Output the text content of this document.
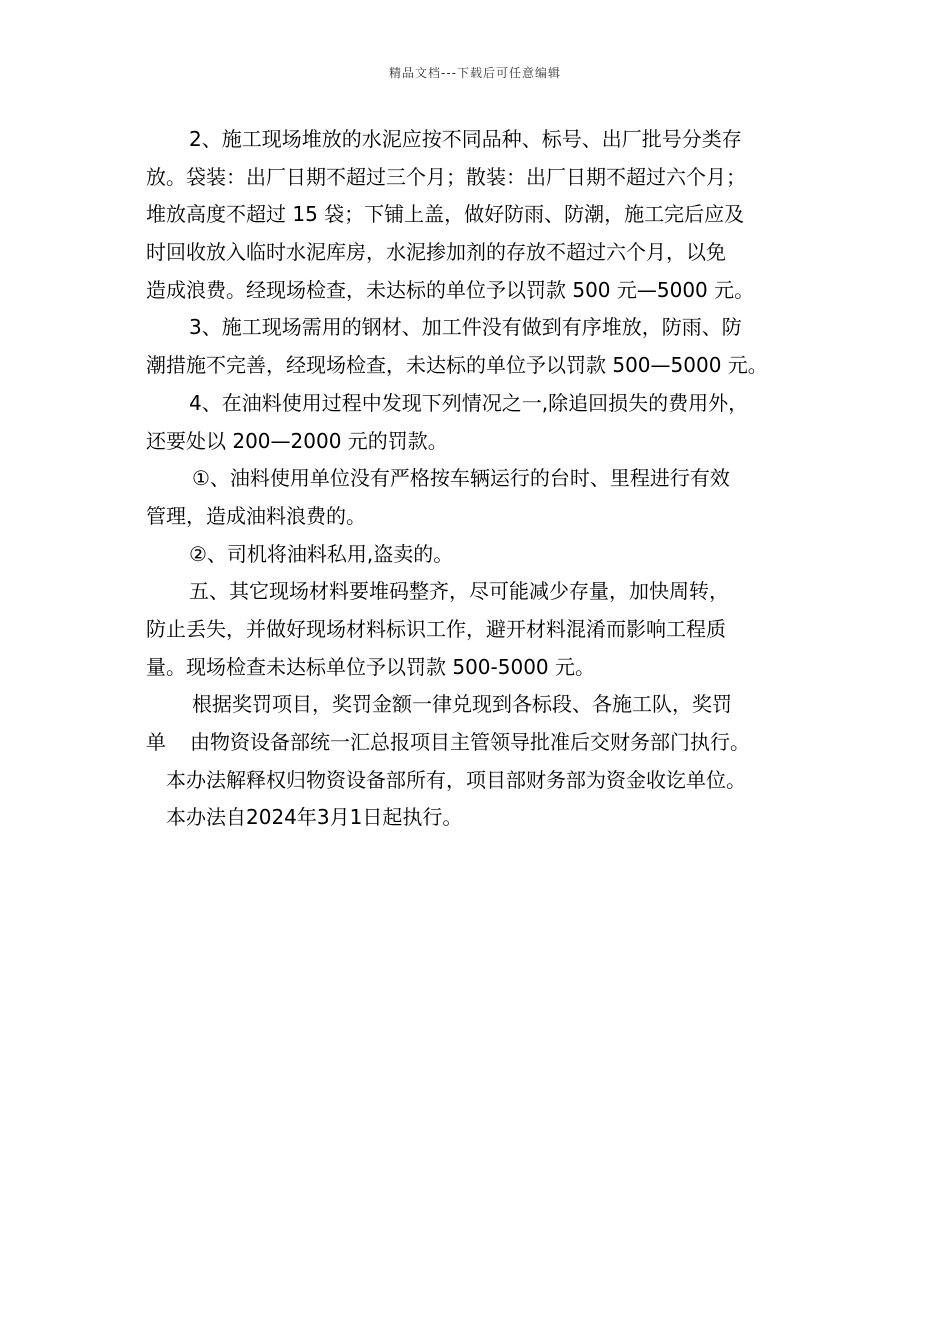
精品文档---下载后可任意编辑
2、施工现场堆放的水泥应按不同品种、标号、出厂批号分类存
放。袋装：出厂日期不超过三个月；散装：出厂日期不超过六个月；
堆放高度不超过 15 袋；下铺上盖，做好防雨、防潮，施工完后应及
时回收放入临时水泥库房，水泥掺加剂的存放不超过六个月，以免
造成浪费。经现场检查，未达标的单位予以罚款 500 元—5000 元。
3、施工现场需用的钢材、加工件没有做到有序堆放，防雨、防
潮措施不完善，经现场检查，未达标的单位予以罚款 500—5000 元。
4、在油料使用过程中发现下列情况之一,除追回损失的费用外，
还要处以 200—2000 元的罚款。
①、油料使用单位没有严格按车辆运行的台时、里程进行有效
管理，造成油料浪费的。
②、司机将油料私用,盗卖的。
五、其它现场材料要堆码整齐，尽可能减少存量，加快周转，
防止丢失，并做好现场材料标识工作，避开材料混淆而影响工程质
量。现场检查未达标单位予以罚款 500-5000 元。
根据奖罚项目，奖罚金额一律兑现到各标段、各施工队，奖罚
单 由物资设备部统一汇总报项目主管领导批准后交财务部门执行。
本办法解释权归物资设备部所有，项目部财务部为资金收讫单位。
本办法自2024年3月1日起执行。
